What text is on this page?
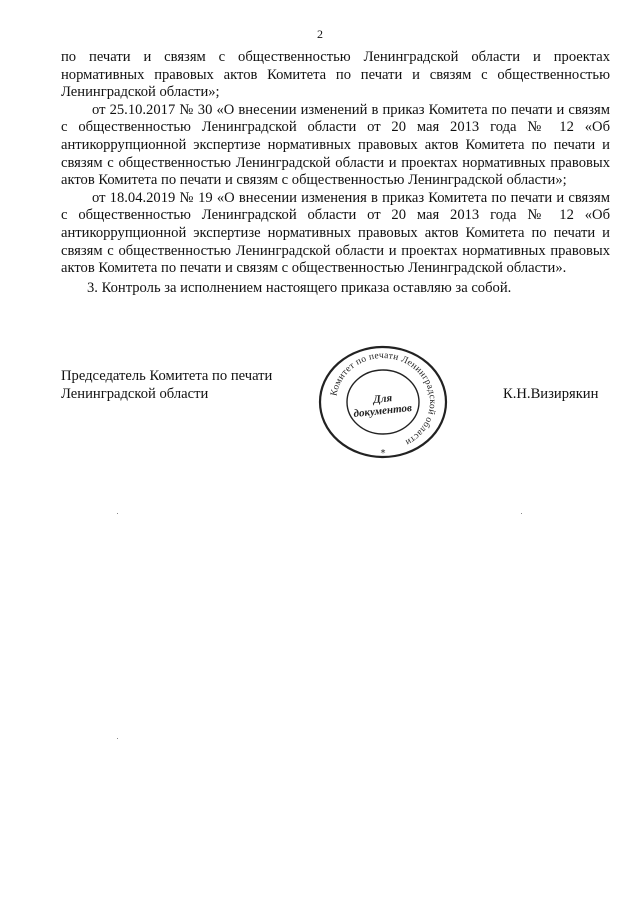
2

по печати и связям с общественностью Ленинградской области и проектах нормативных правовых актов Комитета по печати и связям с общественностью Ленинградской области»;

от 25.10.2017 № 30 «О внесении изменений в приказ Комитета по печати и связям с общественностью Ленинградской области от 20 мая 2013 года № 12 «Об антикоррупционной экспертизе нормативных правовых актов Комитета по печати и связям с общественностью Ленинградской области и проектах нормативных правовых актов Комитета по печати и связям с общественностью Ленинградской области»;

от 18.04.2019 № 19 «О внесении изменения в приказ Комитета по печати и связям с общественностью Ленинградской области от 20 мая 2013 года № 12 «Об антикоррупционной экспертизе нормативных правовых актов Комитета по печати и связям с общественностью Ленинградской области и проектах нормативных правовых актов Комитета по печати и связям с общественностью Ленинградской области».

3. Контроль за исполнением настоящего приказа оставляю за собой.

Председатель Комитета по печати
Ленинградской области	Комитет по печати Ленинградской области
Для
документов
*
К.Н.Визирякин
